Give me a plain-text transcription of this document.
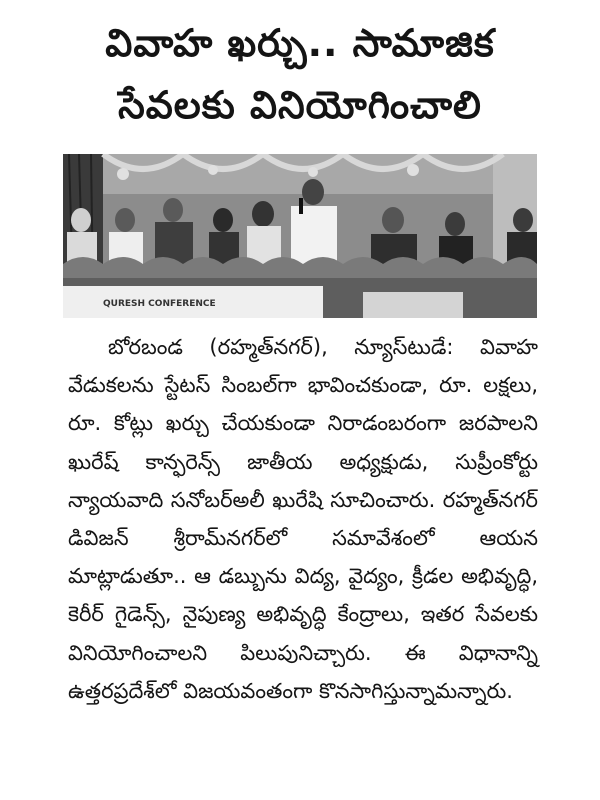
వివాహ ఖర్చు.. సామాజిక
సేవలకు వినియోగించాలి
QURESH CONFERENCE

బోరబండ (రహ్మత్‌నగర్), న్యూస్‌టుడే: వివాహ వేడుకలను స్టేటస్ సింబల్‌గా భావించకుండా, రూ. లక్షలు, రూ. కోట్లు ఖర్చు చేయకుండా నిరాడంబరంగా జరపాలని ఖురేష్ కాన్ఫరెన్స్ జాతీయ అధ్యక్షుడు, సుప్రీంకోర్టు న్యాయవాది సనోబర్‌అలీ ఖురేషి సూచించారు. రహ్మత్‌నగర్ డివిజన్ శ్రీరామ్‌నగర్‌లో సమావేశంలో ఆయన మాట్లాడుతూ.. ఆ డబ్బును విద్య, వైద్యం, క్రీడల అభివృద్ధి, కెరీర్ గైడెన్స్, నైపుణ్య అభివృద్ధి కేంద్రాలు, ఇతర సేవలకు వినియోగించాలని పిలుపునిచ్చారు. ఈ విధానాన్ని ఉత్తరప్రదేశ్‌లో విజయవంతంగా కొనసాగిస్తున్నామన్నారు.
